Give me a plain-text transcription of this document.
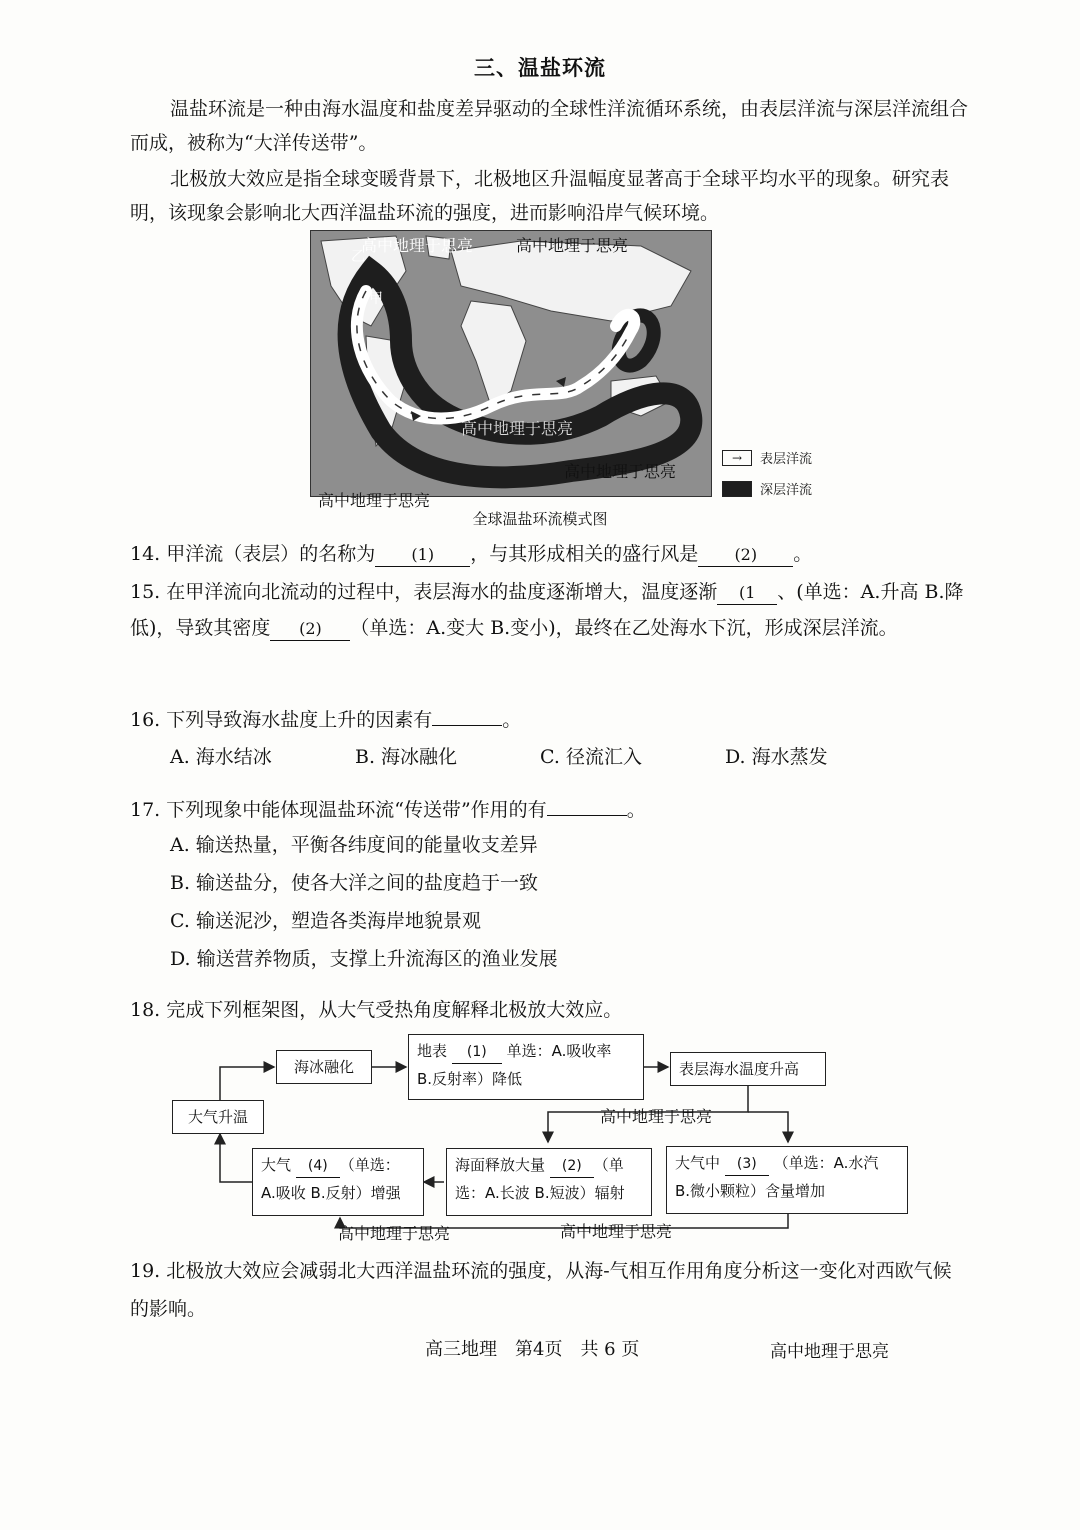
三、温盐环流
温盐环流是一种由海水温度和盐度差异驱动的全球性洋流循环系统，由表层洋流与深层洋流组合而成，被称为“大洋传送带”。
北极放大效应是指全球变暖背景下，北极地区升温幅度显著高于全球平均水平的现象。研究表明，该现象会影响北大西洋温盐环流的强度，进而影响沿岸气候环境。
甲
乙
高中地理于思亮	高中地理于思亮
高中地理于思亮
高中地理于思亮
→	表层洋流
深层洋流
高中地理于思亮
全球温盐环流模式图
14. 甲洋流（表层）的名称为 (1) ，与其形成相关的盛行风是 (2) 。
15. 在甲洋流向北流动的过程中，表层海水的盐度逐渐增大，温度逐渐 (1 、(单选：A.升高 B.降低)，导致其密度 (2) （单选：A.变大 B.变小)，最终在乙处海水下沉，形成深层洋流。
16. 下列导致海水盐度上升的因素有	。
A. 海水结冰	B. 海冰融化	C. 径流汇入	D. 海水蒸发
17. 下列现象中能体现温盐环流“传送带”作用的有	。
A. 输送热量，平衡各纬度间的能量收支差异
B. 输送盐分，使各大洋之间的盐度趋于一致
C. 输送泥沙，塑造各类海岸地貌景观
D. 输送营养物质，支撑上升流海区的渔业发展
18. 完成下列框架图，从大气受热角度解释北极放大效应。
海冰融化
地表 (1) 单选：A.吸收率
B.反射率）降低
表层海水温度升高
大气升温
大气 (4) （单选：
A.吸收 B.反射）增强
海面释放大量 (2) （单
选：A.长波 B.短波）辐射
大气中 (3) （单选：A.水汽
B.微小颗粒）含量增加
高中地理于思亮
高中地理于思亮	高中地理于思亮
19. 北极放大效应会减弱北大西洋温盐环流的强度，从海-气相互作用角度分析这一变化对西欧气候的影响。
高三地理　第4页　共 6 页	高中地理于思亮
